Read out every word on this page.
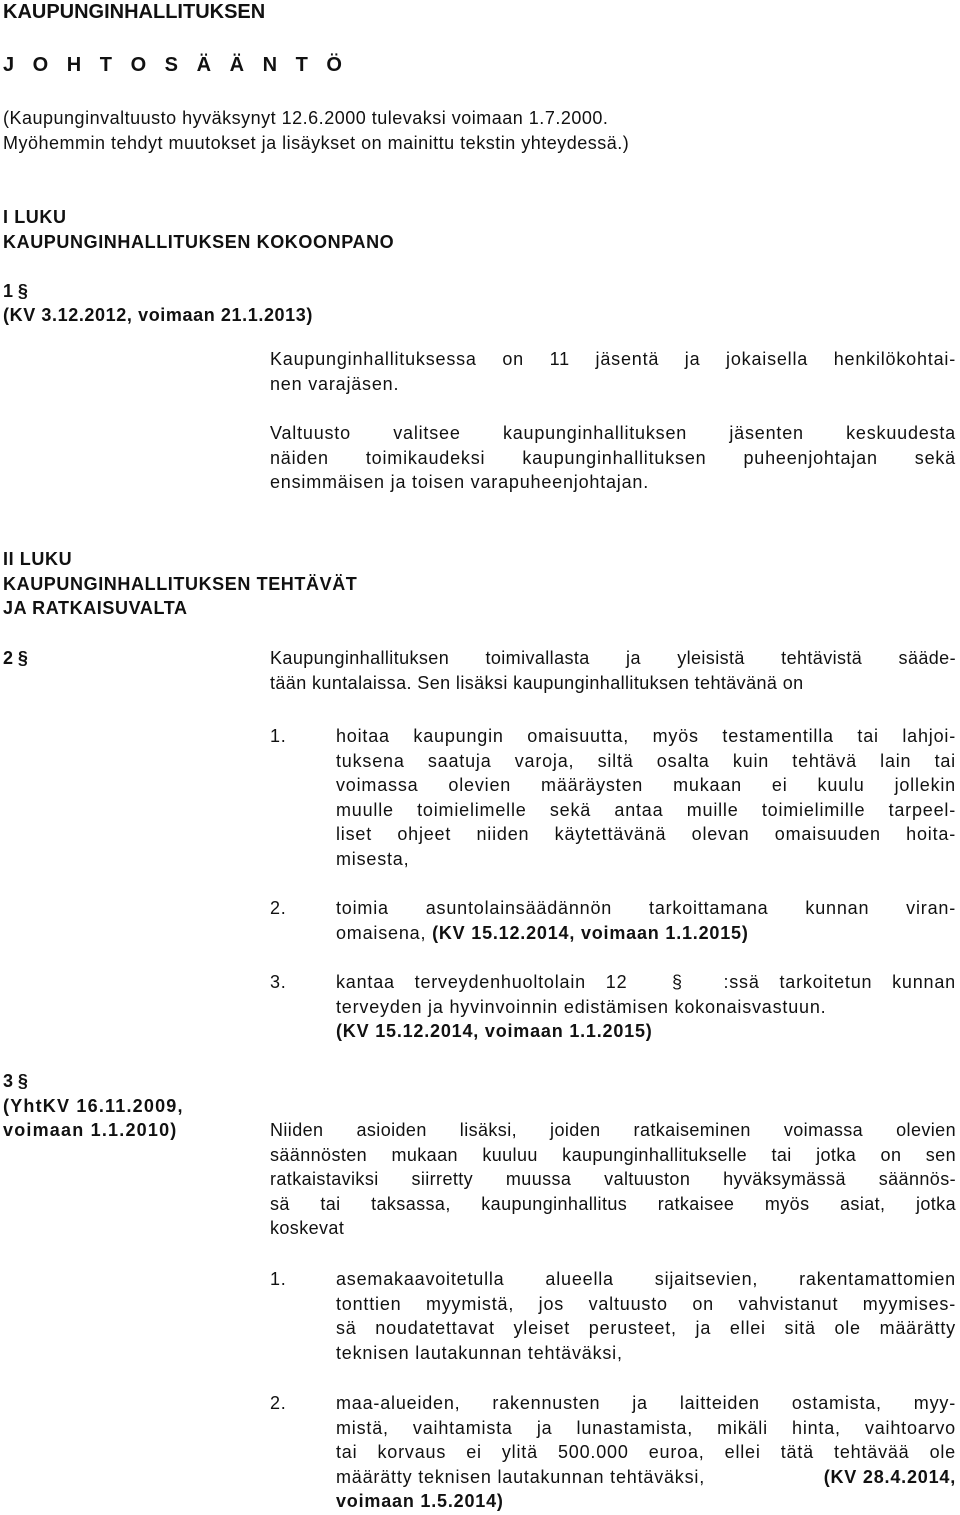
KAUPUNGINHALLITUKSEN
J O H T O S Ä Ä N T Ö
(Kaupunginvaltuusto hyväksynyt 12.6.2000 tulevaksi voimaan 1.7.2000.
Myöhemmin tehdyt muutokset ja lisäykset on mainittu tekstin yhteydessä.)
I LUKU
KAUPUNGINHALLITUKSEN KOKOONPANO
1 §
(KV 3.12.2012, voimaan 21.1.2013)
Kaupunginhallituksessa on 11 jäsentä ja jokaisella henkilökohtai-
nen varajäsen.
Valtuusto valitsee kaupunginhallituksen jäsenten keskuudesta
näiden toimikaudeksi kaupunginhallituksen puheenjohtajan sekä
ensimmäisen ja toisen varapuheenjohtajan.
II LUKU
KAUPUNGINHALLITUKSEN TEHTÄVÄT
JA RATKAISUVALTA
2 §	Kaupunginhallituksen toimivallasta ja yleisistä tehtävistä sääde-
tään kuntalaissa. Sen lisäksi kaupunginhallituksen tehtävänä on
1.	hoitaa kaupungin omaisuutta, myös testamentilla tai lahjoi-
tuksena saatuja varoja, siltä osalta kuin tehtävä lain tai
voimassa olevien määräysten mukaan ei kuulu jollekin
muulle toimielimelle sekä antaa muille toimielimille tarpeel-
liset ohjeet niiden käytettävänä olevan omaisuuden hoita-
misesta,
2.	toimia asuntolainsäädännön tarkoittamana kunnan viran-
omaisena, (KV 15.12.2014, voimaan 1.1.2015)
3.	kantaa terveydenhuoltolain 12 § :ssä tarkoitetun kunnan
terveyden ja hyvinvoinnin edistämisen kokonaisvastuun.
(KV 15.12.2014, voimaan 1.1.2015)
3 §
(YhtKV 16.11.2009,
voimaan 1.1.2010)	Niiden asioiden lisäksi, joiden ratkaiseminen voimassa olevien
säännösten mukaan kuuluu kaupunginhallitukselle tai jotka on sen
ratkaistaviksi siirretty muussa valtuuston hyväksymässä säännös-
sä tai taksassa, kaupunginhallitus ratkaisee myös asiat, jotka
koskevat
1.	asemakaavoitetulla alueella sijaitsevien, rakentamattomien
tonttien myymistä, jos valtuusto on vahvistanut myymises-
sä noudatettavat yleiset perusteet, ja ellei sitä ole määrätty
teknisen lautakunnan tehtäväksi,
2.	maa-alueiden, rakennusten ja laitteiden ostamista, myy-
mistä, vaihtamista ja lunastamista, mikäli hinta, vaihtoarvo
tai korvaus ei ylitä 500.000 euroa, ellei tätä tehtävää ole
määrätty teknisen lautakunnan tehtäväksi,	(KV 28.4.2014,
voimaan 1.5.2014)
